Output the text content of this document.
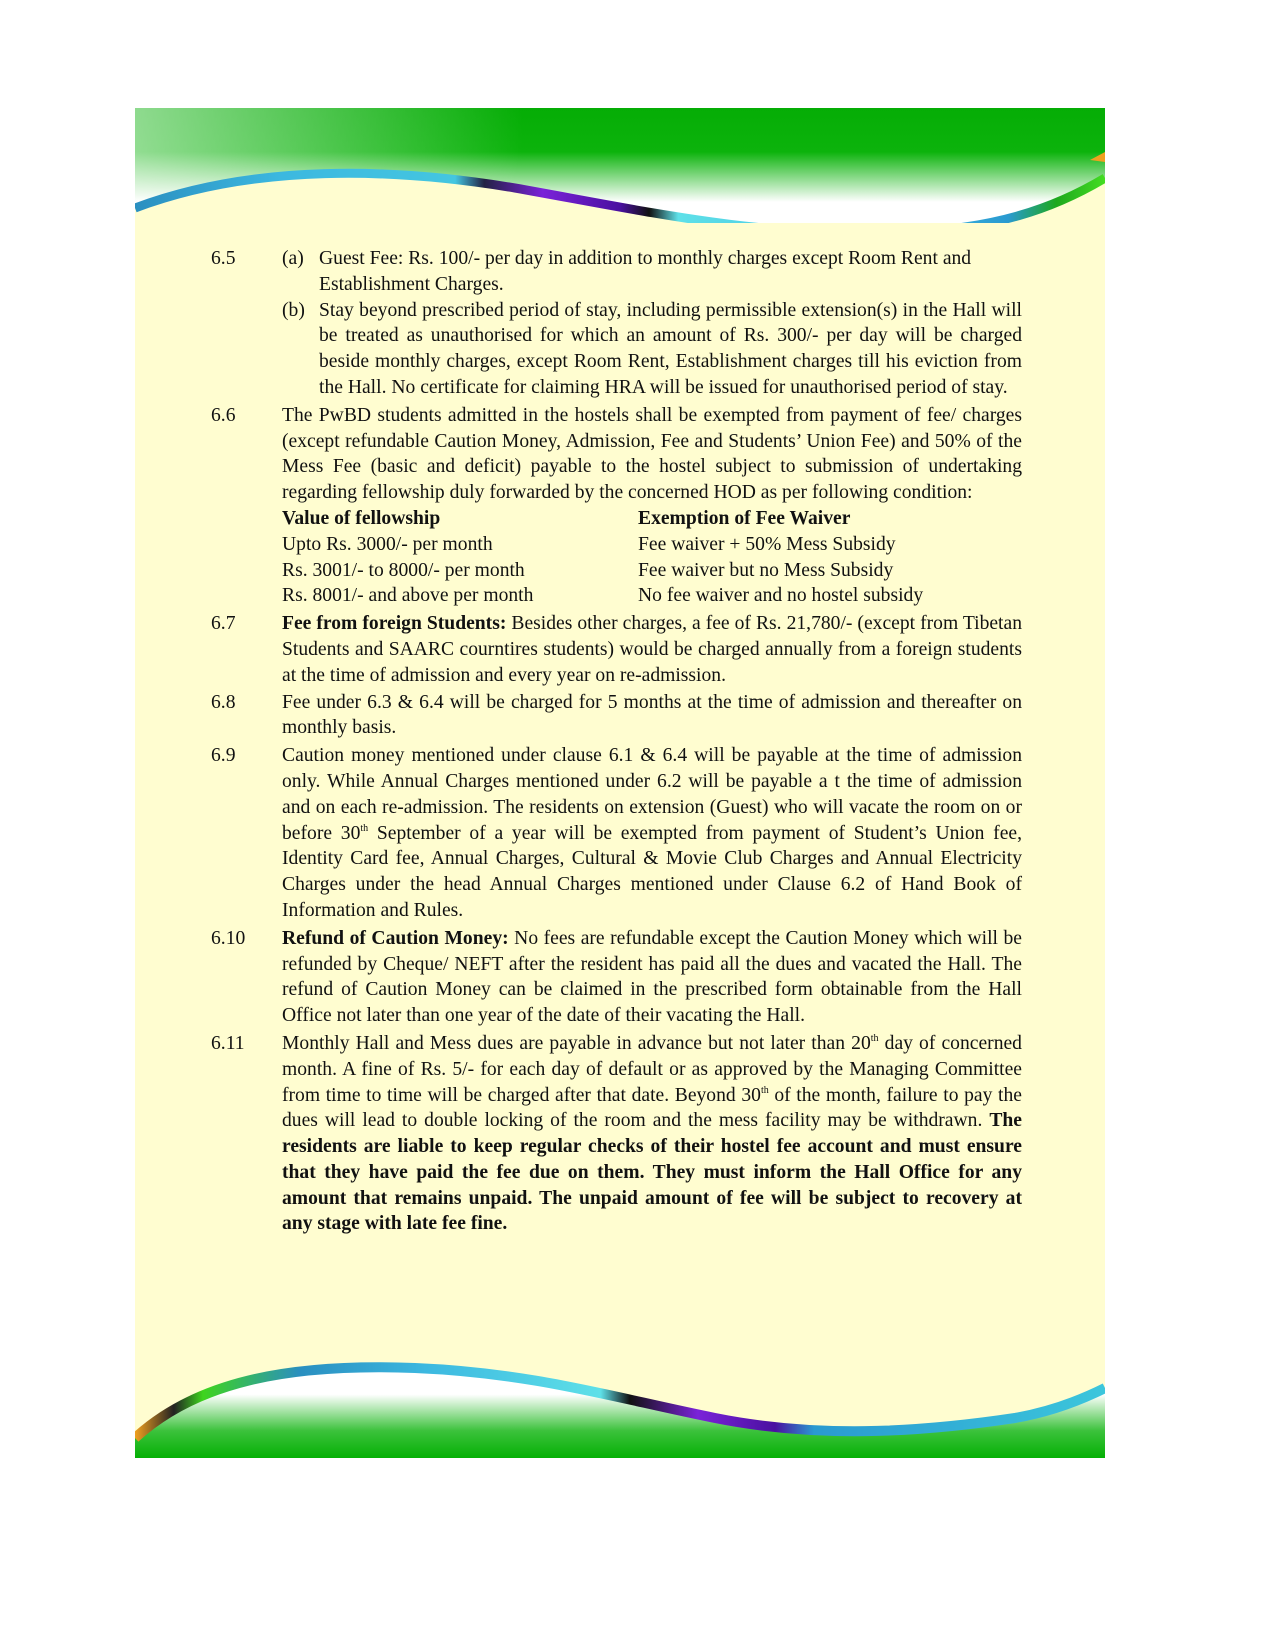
6.5 (a) Guest Fee: Rs. 100/- per day in addition to monthly charges except Room Rent and Establishment Charges.
(b) Stay beyond prescribed period of stay, including permissible extension(s) in the Hall will be treated as unauthorised for which an amount of Rs. 300/- per day will be charged beside monthly charges, except Room Rent, Establishment charges till his eviction from the Hall. No certificate for claiming HRA will be issued for unauthorised period of stay.
6.6 The PwBD students admitted in the hostels shall be exempted from payment of fee/ charges (except refundable Caution Money, Admission, Fee and Students’ Union Fee) and 50% of the Mess Fee (basic and deficit) payable to the hostel subject to submission of undertaking regarding fellowship duly forwarded by the concerned HOD as per following condition:
Value of fellowship	Exemption of Fee Waiver
Upto Rs. 3000/- per month	Fee waiver + 50% Mess Subsidy
Rs. 3001/- to 8000/- per month	Fee waiver but no Mess Subsidy
Rs. 8001/- and above per month	No fee waiver and no hostel subsidy
6.7 Fee from foreign Students: Besides other charges, a fee of Rs. 21,780/- (except from Tibetan Students and SAARC courntires students) would be charged annually from a foreign students at the time of admission and every year on re-admission.
6.8 Fee under 6.3 & 6.4 will be charged for 5 months at the time of admission and thereafter on monthly basis.
6.9 Caution money mentioned under clause 6.1 & 6.4 will be payable at the time of admission only. While Annual Charges mentioned under 6.2 will be payable a t the time of admission and on each re-admission. The residents on extension (Guest) who will vacate the room on or before 30th September of a year will be exempted from payment of Student’s Union fee, Identity Card fee, Annual Charges, Cultural & Movie Club Charges and Annual Electricity Charges under the head Annual Charges mentioned under Clause 6.2 of Hand Book of Information and Rules.
6.10 Refund of Caution Money: No fees are refundable except the Caution Money which will be refunded by Cheque/ NEFT after the resident has paid all the dues and vacated the Hall. The refund of Caution Money can be claimed in the prescribed form obtainable from the Hall Office not later than one year of the date of their vacating the Hall.
6.11 Monthly Hall and Mess dues are payable in advance but not later than 20th day of concerned month. A fine of Rs. 5/- for each day of default or as approved by the Managing Committee from time to time will be charged after that date. Beyond 30th of the month, failure to pay the dues will lead to double locking of the room and the mess facility may be withdrawn. The residents are liable to keep regular checks of their hostel fee account and must ensure that they have paid the fee due on them. They must inform the Hall Office for any amount that remains unpaid. The unpaid amount of fee will be subject to recovery at any stage with late fee fine.
